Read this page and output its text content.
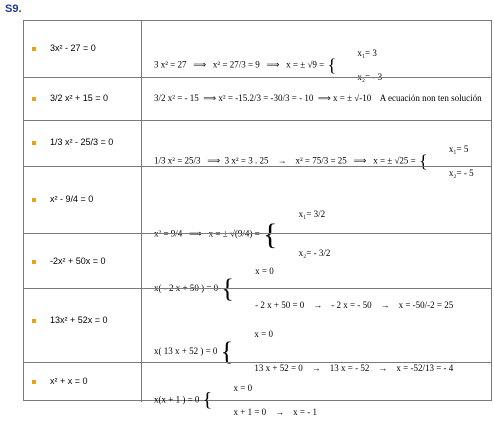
S9.
3x² - 27 = 0
3 x² = 27   ⟹   x² = 27/3 = 9   ⟹   x = ± √9 = {
x₁= 3

x₂= - 3

3/2 x² + 15 = 0	3/2 x² = - 15  ⟹ x² = -15.2/3 = -30/3 = - 10  ⟹ x = ± √-10    A ecuación non ten solución
1/3 x² - 25/3 = 0
1/3 x² = 25/3   ⟹  3 x² = 3 . 25    →    x² = 75/3 = 25   ⟹   x = ± √25 = {
x₁= 5

x₂= - 5

x² - 9/4 = 0
x² = 9/4   ⟹   x = ± √(9/4) = {
x₁= 3/2

x₂= - 3/2

-2x² + 50x = 0
x( - 2 x + 50 ) = 0 {
x = 0

- 2 x + 50 = 0    →    - 2 x = - 50    →    x = -50/-2 = 25

13x² + 52x = 0
x( 13 x + 52 ) = 0 {
x = 0

13 x + 52 = 0    →    13 x = - 52    →    x = -52/13 = - 4

x² + x = 0
x(x + 1 ) = 0 {
x = 0

x + 1 = 0    →    x = - 1
